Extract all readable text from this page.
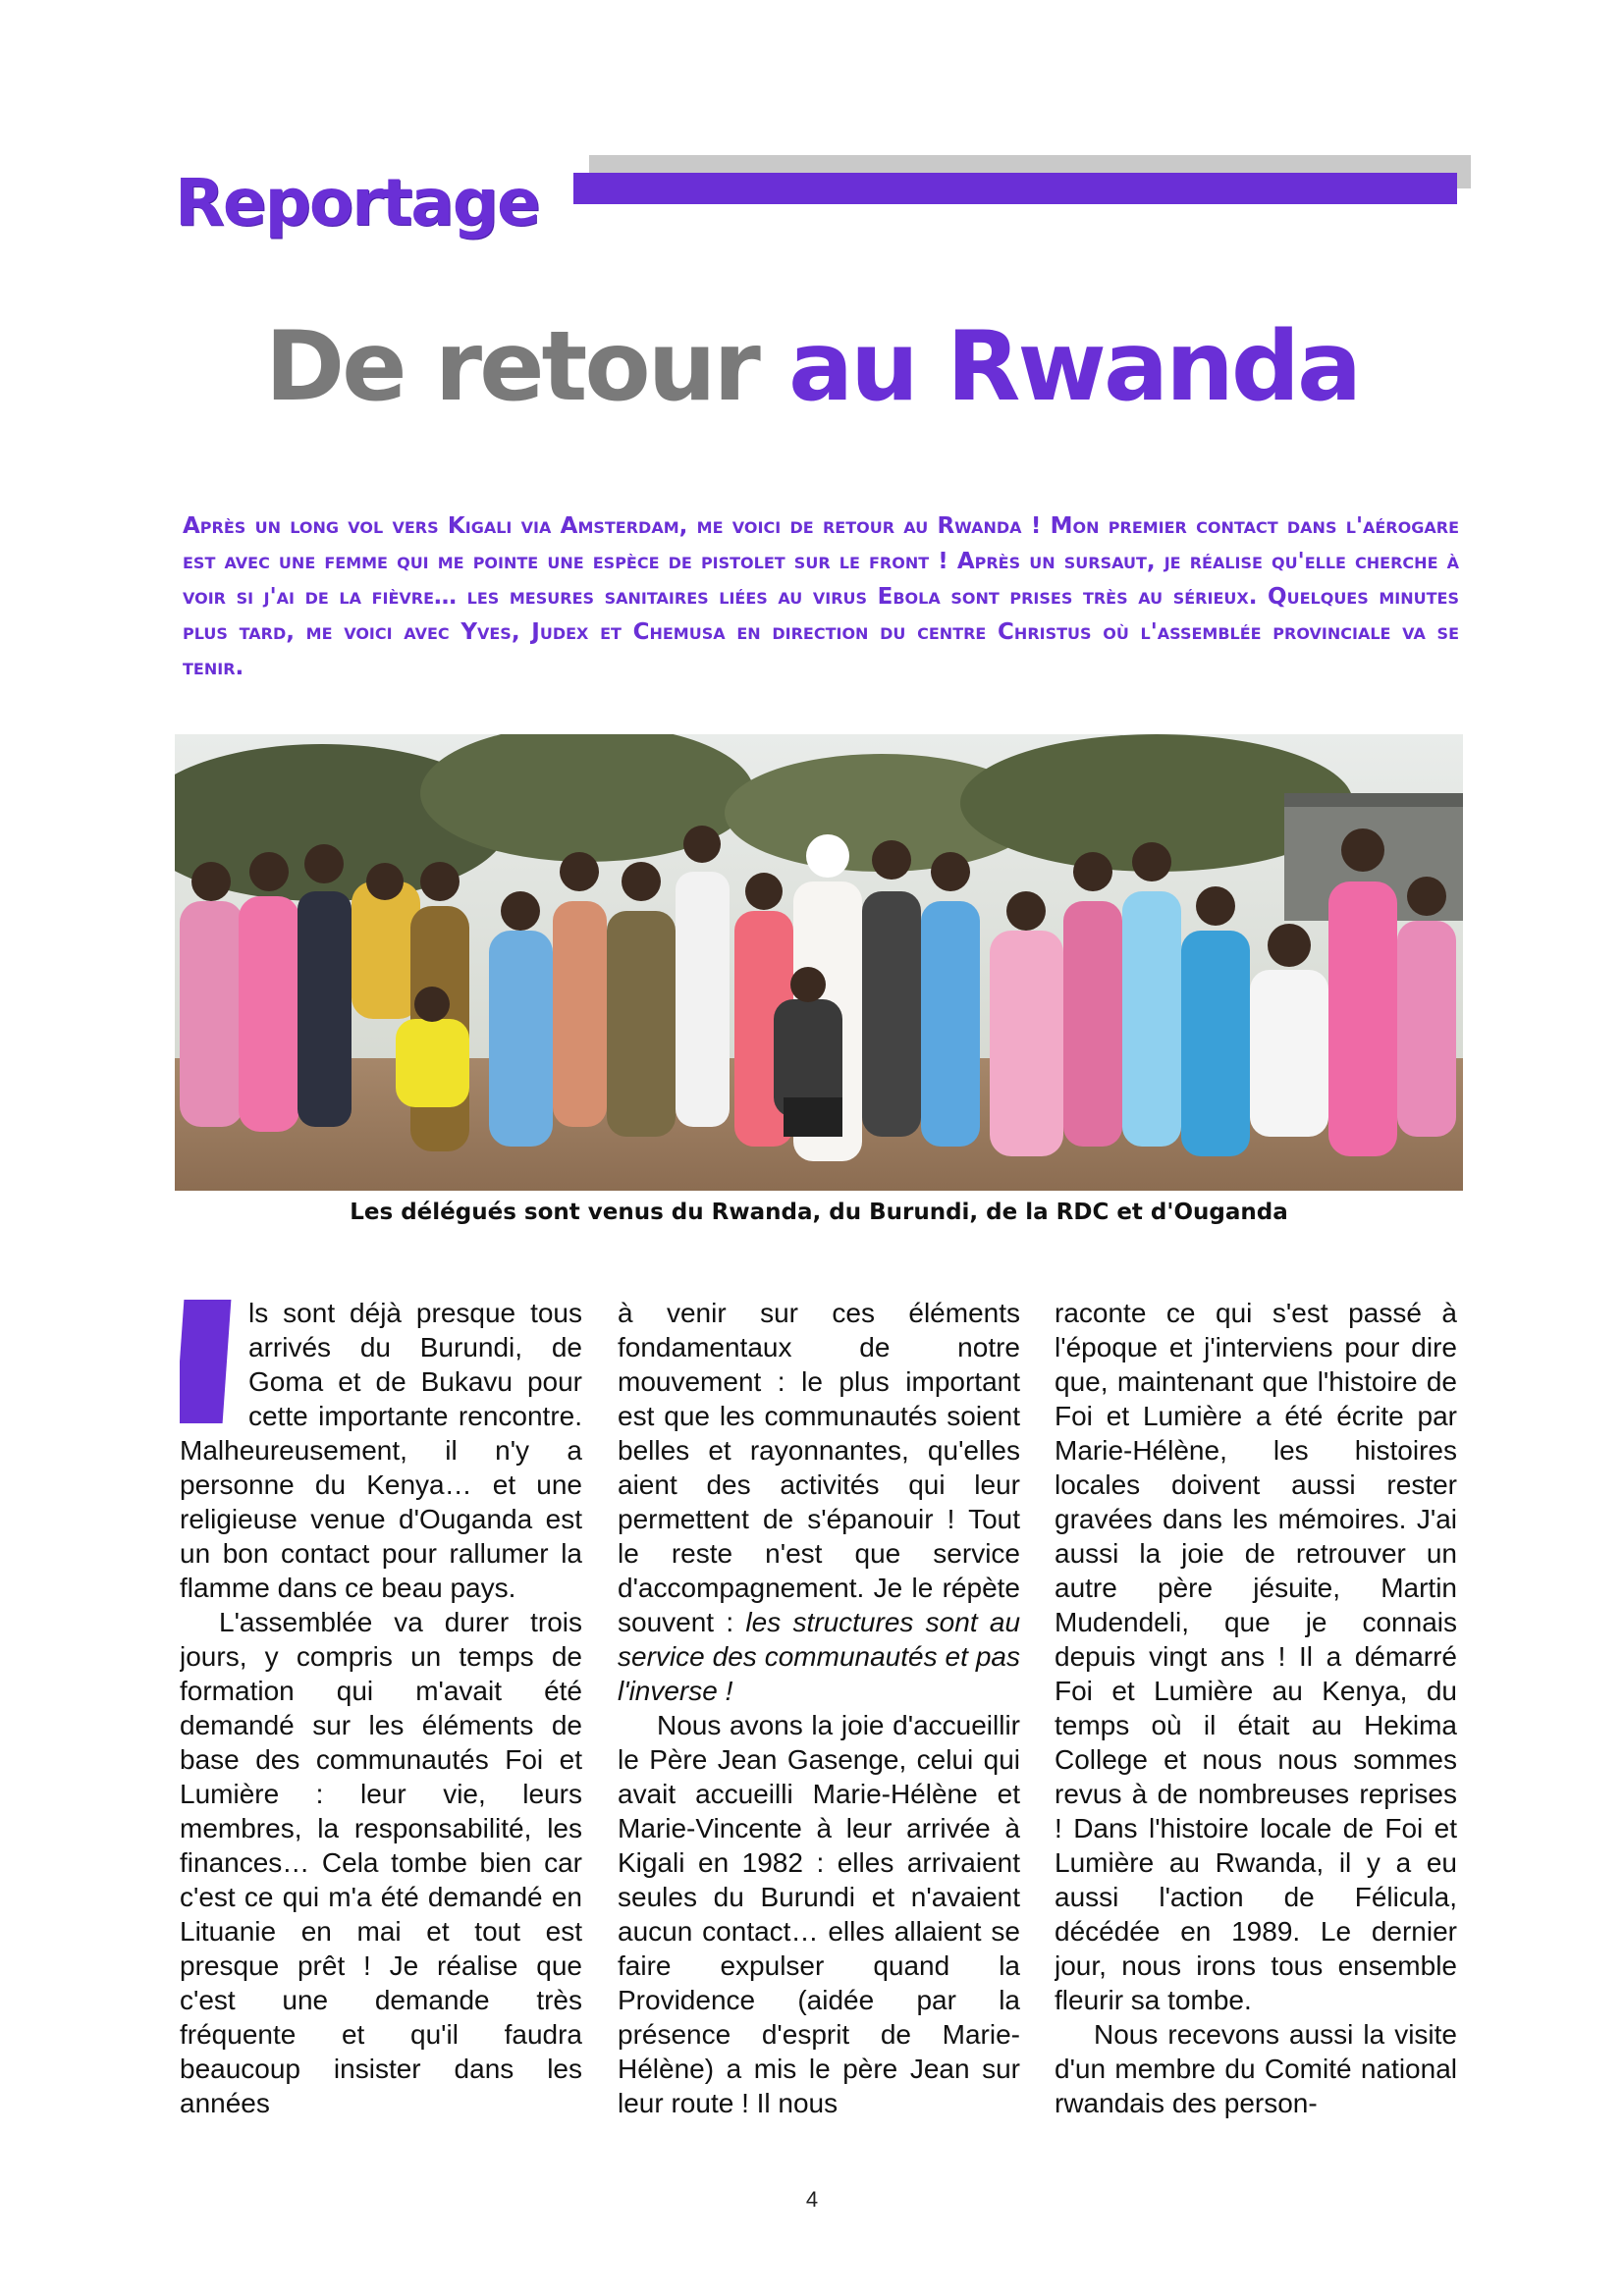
Reportage
De retour au Rwanda
Après un long vol vers Kigali via Amsterdam, me voici de retour au Rwanda ! Mon premier contact dans l'aérogare est avec une femme qui me pointe une espèce de pistolet sur le front ! Après un sursaut, je réalise qu'elle cherche à voir si j'ai de la fièvre… les mesures sanitaires liées au virus Ebola sont prises très au sérieux. Quelques minutes plus tard, me voici avec Yves, Judex et Chemusa en direction du centre Christus où l'assemblée provinciale va se tenir.
Les délégués sont venus du Rwanda, du Burundi, de la RDC et d'Ouganda

ls sont déjà presque tous arrivés du Burundi, de Goma et de Bukavu pour cette importante rencontre. Malheureusement, il n'y a personne du Kenya… et une religieuse venue d'Ouganda est un bon contact pour rallumer la flamme dans ce beau pays.

L'assemblée va durer trois jours, y compris un temps de formation qui m'avait été demandé sur les éléments de base des communautés Foi et Lumière : leur vie, leurs membres, la responsabilité, les finances… Cela tombe bien car c'est ce qui m'a été demandé en Lituanie en mai et tout est presque prêt ! Je réalise que c'est une demande très fréquente et qu'il faudra beaucoup insister dans les années

à venir sur ces éléments fondamentaux de notre mouvement : le plus important est que les communautés soient belles et rayonnantes, qu'elles aient des activités qui leur permettent de s'épanouir ! Tout le reste n'est que service d'accompagnement. Je le répète souvent : les structures sont au service des communautés et pas l'inverse !

Nous avons la joie d'accueillir le Père Jean Gasenge, celui qui avait accueilli Marie-Hélène et Marie-Vincente à leur arrivée à Kigali en 1982 : elles arrivaient seules du Burundi et n'avaient aucun contact… elles allaient se faire expulser quand la Providence (aidée par la présence d'esprit de Marie-Hélène) a mis le père Jean sur leur route ! Il nous

raconte ce qui s'est passé à l'époque et j'interviens pour dire que, maintenant que l'histoire de Foi et Lumière a été écrite par Marie-Hélène, les histoires locales doivent aussi rester gravées dans les mémoires. J'ai aussi la joie de retrouver un autre père jésuite, Martin Mudendeli, que je connais depuis vingt ans ! Il a démarré Foi et Lumière au Kenya, du temps où il était au Hekima College et nous nous sommes revus à de nombreuses reprises ! Dans l'histoire locale de Foi et Lumière au Rwanda, il y a eu aussi l'action de Félicula, décédée en 1989. Le dernier jour, nous irons tous ensemble fleurir sa tombe.

Nous recevons aussi la visite d'un membre du Comité national rwandais des person-

4
